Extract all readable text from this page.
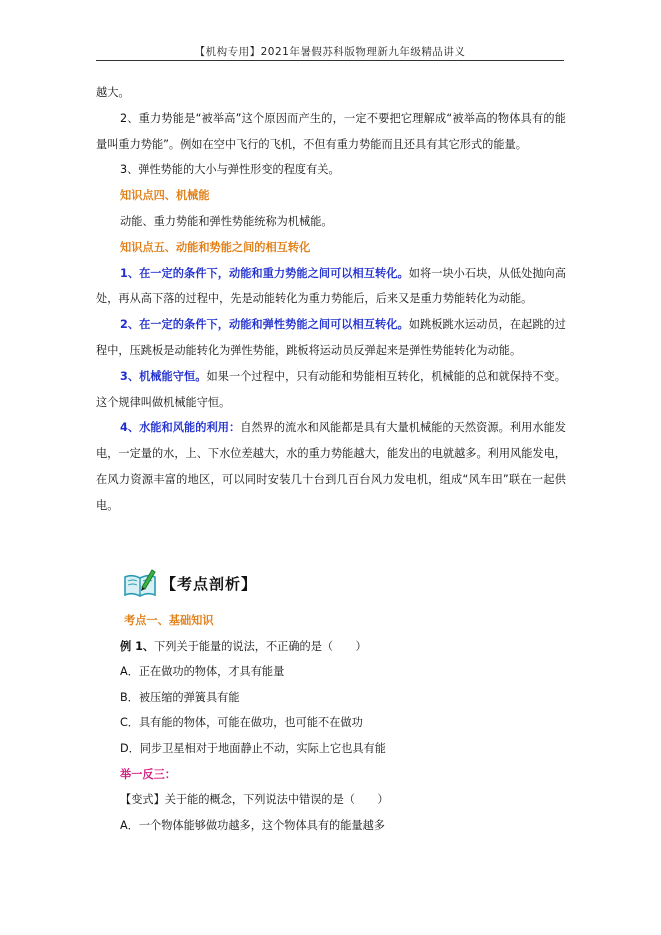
【机构专用】2021年暑假苏科版物理新九年级精品讲义

越大。

2、重力势能是“被举高”这个原因而产生的，一定不要把它理解成“被举高的物体具有的能量叫重力势能”。例如在空中飞行的飞机，不但有重力势能而且还具有其它形式的能量。

3、弹性势能的大小与弹性形变的程度有关。

知识点四、机械能

动能、重力势能和弹性势能统称为机械能。

知识点五、动能和势能之间的相互转化

1、在一定的条件下，动能和重力势能之间可以相互转化。如将一块小石块，从低处抛向高处，再从高下落的过程中，先是动能转化为重力势能后，后来又是重力势能转化为动能。

2、在一定的条件下，动能和弹性势能之间可以相互转化。如跳板跳水运动员，在起跳的过程中，压跳板是动能转化为弹性势能，跳板将运动员反弹起来是弹性势能转化为动能。

3、机械能守恒。如果一个过程中，只有动能和势能相互转化，机械能的总和就保持不变。这个规律叫做机械能守恒。

4、水能和风能的利用：自然界的流水和风能都是具有大量机械能的天然资源。利用水能发电，一定量的水，上、下水位差越大，水的重力势能越大，能发出的电就越多。利用风能发电，在风力资源丰富的地区，可以同时安装几十台到几百台风力发电机，组成“风车田”联在一起供电。

【考点剖析】

考点一、基础知识

例 1、下列关于能量的说法，不正确的是（　　）

A．正在做功的物体，才具有能量

B．被压缩的弹簧具有能

C．具有能的物体，可能在做功，也可能不在做功

D．同步卫星相对于地面静止不动，实际上它也具有能

举一反三：

【变式】关于能的概念，下列说法中错误的是（　　）

A．一个物体能够做功越多，这个物体具有的能量越多
